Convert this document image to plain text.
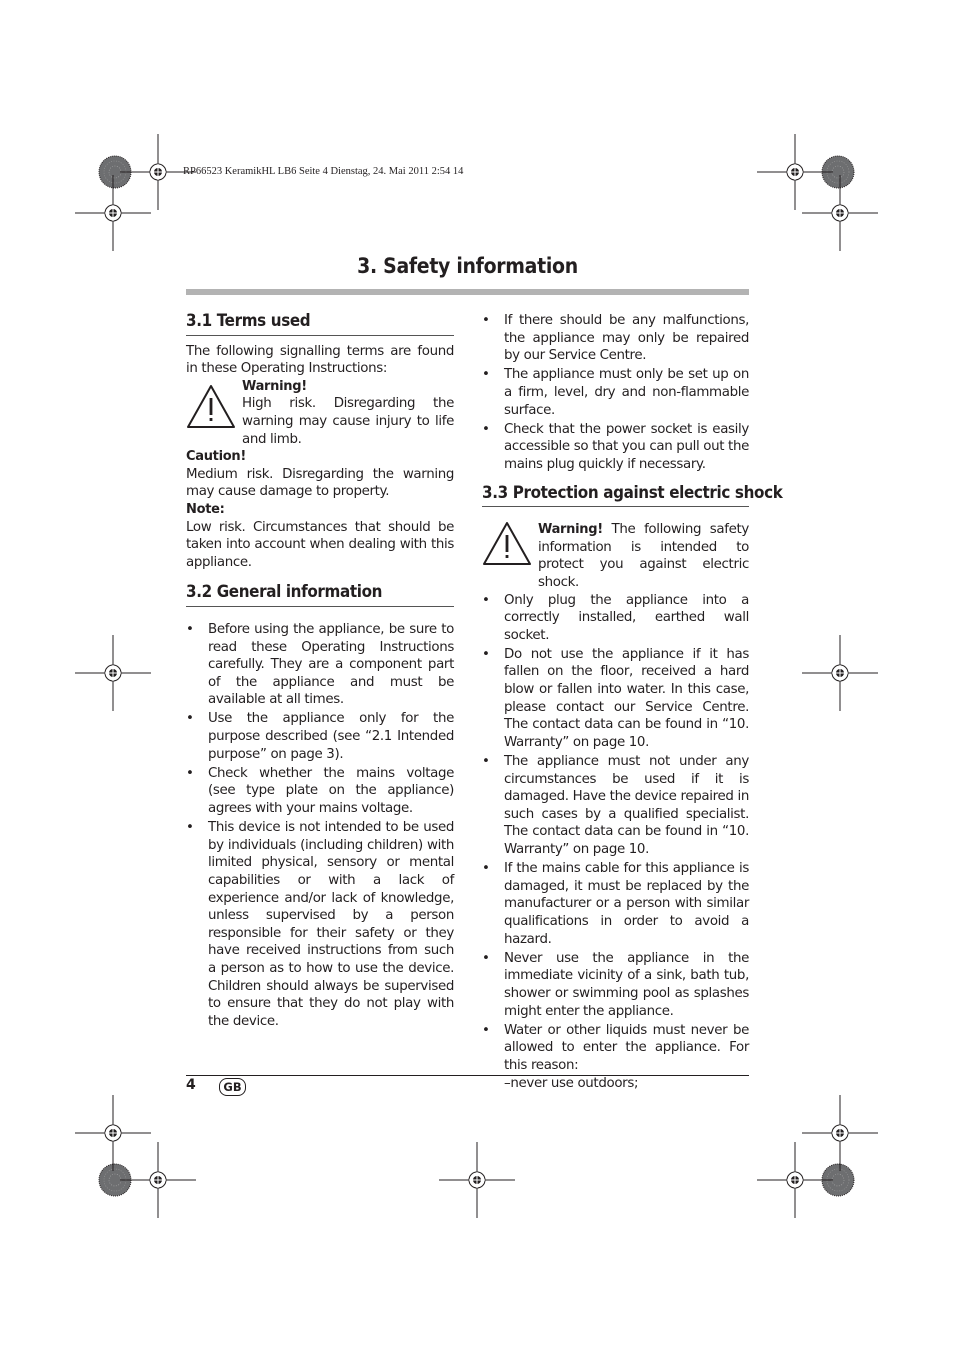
RP66523 KeramikHL LB6 Seite 4 Dienstag, 24. Mai 2011 2:54 14
3. Safety information
3.1 Terms used

The following signalling terms are found in these Operating Instructions:

Warning!

High risk. Disregarding the warning may cause injury to life and limb.

Caution!

Medium risk. Disregarding the warning may cause damage to property.

Note:

Low risk. Circumstances that should be taken into account when dealing with this appliance.

3.2 General information
• Before using the appliance, be sure to read these Operating Instructions carefully. They are a component part of the appliance and must be available at all times.
• Use the appliance only for the purpose described (see “2.1 Intended purpose” on page 3).
• Check whether the mains voltage (see type plate on the appliance) agrees with your mains voltage.
• This device is not intended to be used by individuals (including children) with limited physical, sensory or mental capabilities or with a lack of experience and/or lack of knowledge, unless supervised by a person responsible for their safety or they have received instructions from such a person as to how to use the device. Children should always be supervised to ensure that they do not play with the device.
• If there should be any malfunctions, the appliance may only be repaired by our Service Centre.
• The appliance must only be set up on a firm, level, dry and non-flammable surface.
• Check that the power socket is easily accessible so that you can pull out the mains plug quickly if necessary.
3.3 Protection against electric shock

Warning! The following safety information is intended to protect you against electric shock.

• Only plug the appliance into a correctly installed, earthed wall socket.
• Do not use the appliance if it has fallen on the floor, received a hard blow or fallen into water. In this case, please contact our Service Centre. The contact data can be found in “10. Warranty” on page 10.
• The appliance must not under any circumstances be used if it is damaged. Have the device repaired in such cases by a qualified specialist. The contact data can be found in “10. Warranty” on page 10.
• If the mains cable for this appliance is damaged, it must be replaced by the manufacturer or a person with similar qualifications in order to avoid a hazard.
• Never use the appliance in the immediate vicinity of a sink, bath tub, shower or swimming pool as splashes might enter the appliance.
• Water or other liquids must never be allowed to enter the appliance. For this reason:
–never use outdoors;
4	GB
